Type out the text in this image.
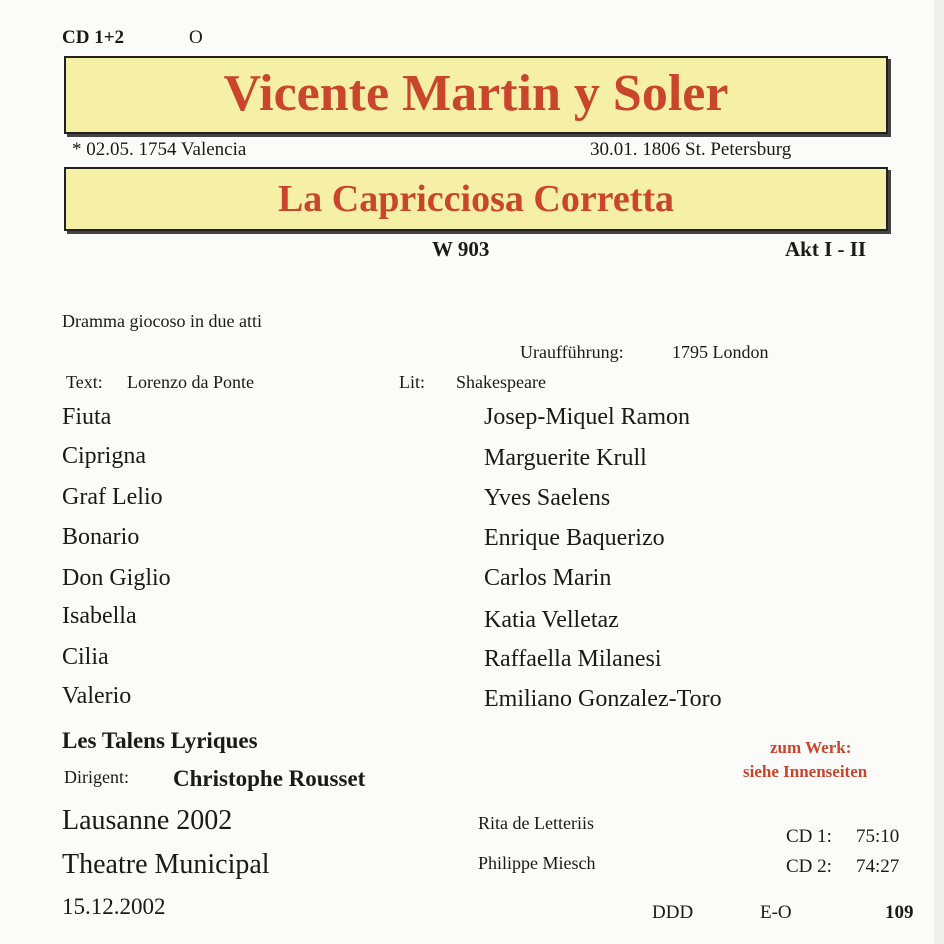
CD 1+2	O
Vicente Martin y Soler
* 02.05. 1754 Valencia	30.01. 1806 St. Petersburg
La Capricciosa Corretta
W 903	Akt I - II
Dramma giocoso in due atti
Uraufführung:	1795 London
Text: Lorenzo da Ponte	Lit: Shakespeare
Fiuta	Josep-Miquel Ramon
Ciprigna	Marguerite Krull
Graf Lelio	Yves Saelens
Bonario	Enrique Baquerizo
Don Giglio	Carlos Marin
Isabella	Katia Velletaz
Cilia	Raffaella Milanesi
Valerio	Emiliano Gonzalez-Toro
Les Talens Lyriques
Dirigent: Christophe Rousset
zum Werk:
siehe Innenseiten
Lausanne 2002
Theatre Municipal
15.12.2002
Rita de Letteriis
Philippe Miesch
CD 1: 75:10
CD 2: 74:27
DDD	E-O	109
